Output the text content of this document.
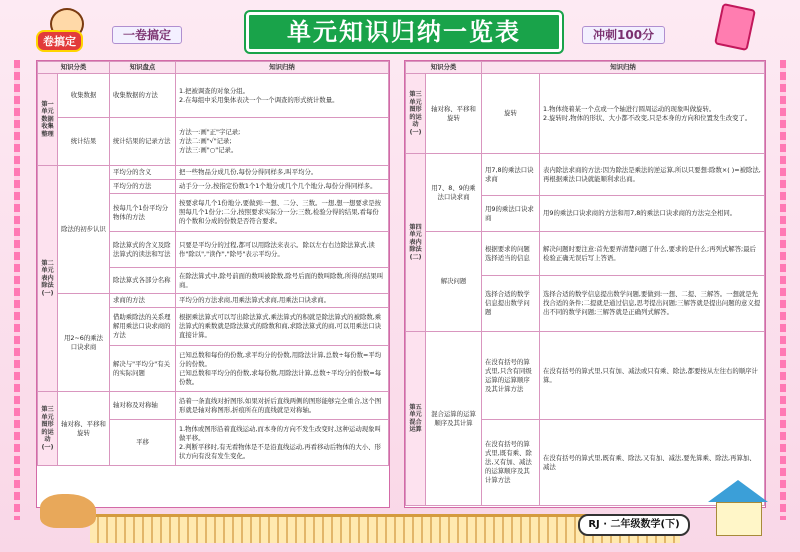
卷搞定	一卷搞定	单元知识归纳一览表	冲刺100分
知识分类		知识盘点	知识归纳
第一单元 数据收集整理	收集数据	收集数据的方法	1.把被调查的对象分组。
2.在每组中采用集体表决一个一个调查的形式统计数量。
	统计结果	统计结果的记录方法	方法一:画"正"字记录;
方法二:画"√"记录;
方法三:画"○"记录。
第二单元 表内除法(一)	除法的初步认识	平均分的含义	把一些物品分成几份,每份分得同样多,叫平均分。
		平均分的方法	动手分一分,按指定份数1个1个地分或几个几个地分,每份分得同样多。
		按每几个1份平均分物体的方法	按要求每几个1份地分,要做到:一想、二分、三数。一想,想一想要求是按照每几个1份分;二分,按照要求实际分一分;三数,检验分得的结果,看每份的个数和分成的份数是否符合要求。
		除法算式的含义及除法算式的读法和写法	只要是平均分的过程,都可以用除法来表示。除以左右右边除法算式,读作"除以","读作","除号"表示平均分。
		除法算式各部分名称	在除法算式中,除号前面的数叫被除数,除号后面的数叫除数,所得的结果叫商。
	用2~6的乘法口诀求商	求商的方法	平均分的方法求商,用乘法算式求商,用乘法口诀求商。
		借助乘除法的关系理解用乘法口诀求商的方法	根据乘法算式可以写出除法算式,乘法算式的积就是除法算式的被除数,乘法算式的乘数就是除法算式的除数和商,求除法算式的商,可以用乘法口诀直接计算。
		解决与"平均分"有关的实际问题	已知总数和每份的份数,求平均分的份数,用除法计算,总数÷每份数=平均分的份数。
已知总数和平均分的份数,求每份数,用除法计算,总数÷平均分的份数=每份数。
第三单元 图形的运动(一)	轴对称、平移和旋转	轴对称及对称轴	沿着一条直线对折图形,如果对折后直线两侧的图形能够完全重合,这个图形就是轴对称图形,折痕所在的直线就是对称轴。
		平移	1.物体或图形沿着直线运动,而本身的方向不发生改变时,这种运动现象叫做平移。
2.判断平移时,有无看物体是不是沿直线运动,再看移动后物体的大小、形状方向有没有发生变化。
知识分类		知识归纳	
第三单元 图形的运动(一)	轴对称、平移和旋转	旋转	1.物体绕着某一个点或一个轴进行圆周运动的现象叫做旋转。
2.旋转时,物体的形状、大小都不改变,只是本身的方向和位置发生改变了。
第四单元 表内除法(二)	用7、8、9的乘法口诀求商	用7,8的乘法口诀求商	表内除法求商的方法:因为除法是乘法的逆运算,所以只要想:除数×( )=被除法,再根据乘法口诀就能顺利求出商。
		用9的乘法口诀求商	用9的乘法口诀求商的方法和用7,8的乘法口诀求商的方法完全相同。
	解决问题	根据要求的问题选择适当的信息	解决问题时要注意:首先要弄清楚问题了什么,要求的是什么;再列式解答;最后检验正确无误后写上答语。
		选择合适的数学信息提出数学问题	选择合适的数学信息提出数学问题,要做到:一想、二提、三解答。一想就是先找合适的条件;二提就是通过信息,思考提出问题;三解答就是提出问题的意义提出不同的数学问题;三解答就是正确列式解答。
第五单元 混合运算	混合运算的运算顺序及其计算	在没有括号的算式里,只含有同级运算的运算顺序及其计算方法	在没有括号的算式里,只有加、减法或只有乘、除法,都要按从左往右的顺序计算。
		在没有括号的算式里,既有乘、除法,又有加、减法的运算顺序及其计算方法	在没有括号的算式里,既有乘、除法,又有加、减法,要先算乘、除法,再算加、减法
RJ · 二年级数学(下)
